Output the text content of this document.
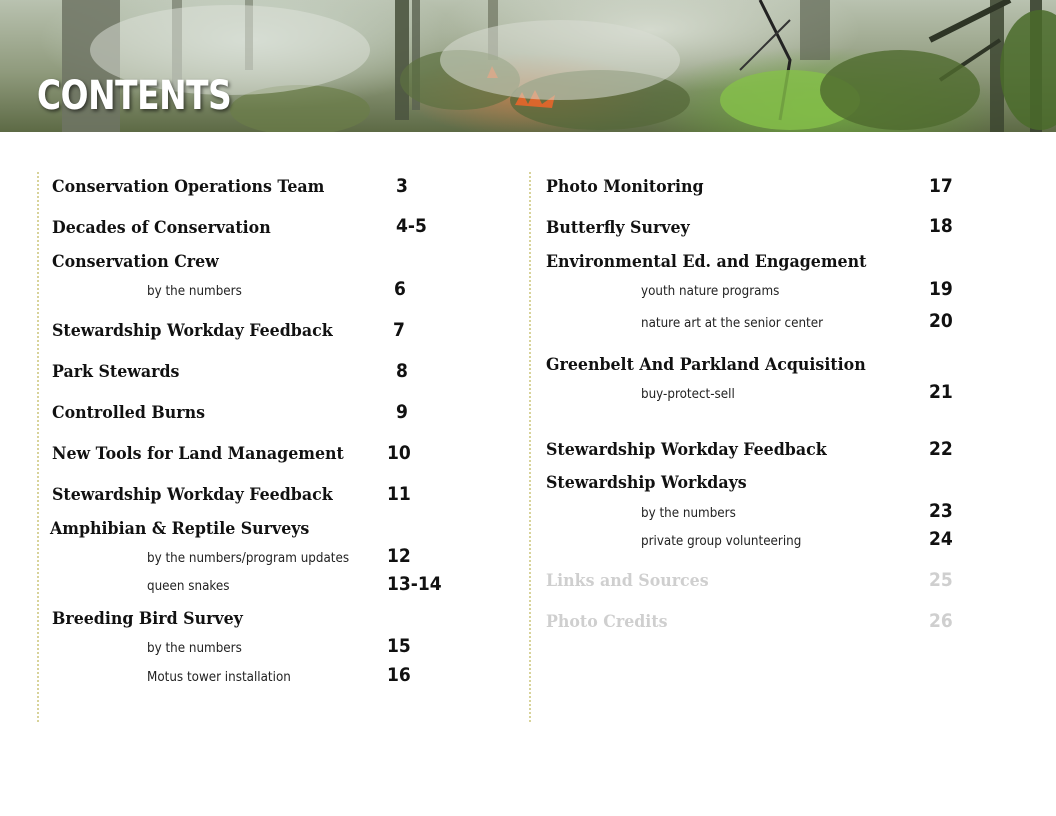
CONTENTS

Conservation Operations Team	3

Decades of Conservation	4-5

Conservation Crew

by the numbers	6

Stewardship Workday Feedback	7

Park Stewards	8

Controlled Burns	9

New Tools for Land Management 10

Stewardship Workday Feedback	11

Amphibian & Reptile Surveys

by the numbers/program updates 12

queen snakes	13-14

Breeding Bird Survey

by the numbers	15

Motus tower installation	16

Photo Monitoring	17

Butterfly Survey	18

Environmental Ed. and Engagement

youth nature programs	19

nature art at the senior center	20

Greenbelt And Parkland Acquisition

buy-protect-sell	21

Stewardship Workday Feedback	22

Stewardship Workdays

by the numbers	23

private group volunteering	24

Links and Sources	25

Photo Credits	26
